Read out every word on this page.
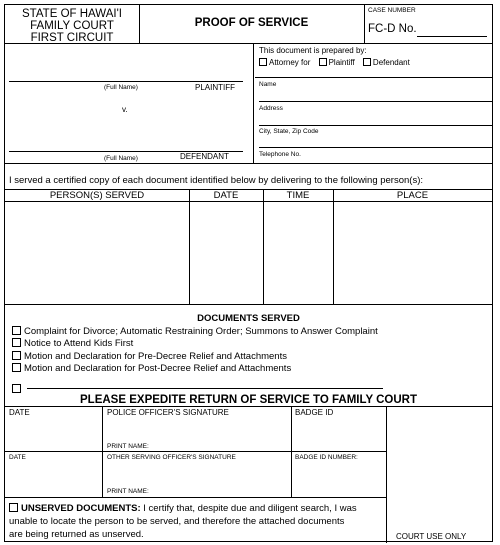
STATE OF HAWAI'I
FAMILY COURT
FIRST CIRCUIT
PROOF OF SERVICE
CASE NUMBER
FC-D No.
(Full Name)	PLAINTIFF
v.
(Full Name)	DEFENDANT
This document is prepared by:
Attorney for Plaintiff Defendant
Name
Address
City, State, Zip Code
Telephone No.
I served a certified copy of each document identified below by delivering to the following person(s):
PERSON(S) SERVED	DATE	TIME	PLACE
DOCUMENTS SERVED
Complaint for Divorce; Automatic Restraining Order; Summons to Answer Complaint
Notice to Attend Kids First
Motion and Declaration for Pre-Decree Relief and Attachments
Motion and Declaration for Post-Decree Relief and Attachments
PLEASE EXPEDITE RETURN OF SERVICE TO FAMILY COURT
DATE	POLICE OFFICER'S SIGNATURE	BADGE ID
PRINT NAME:
DATE	OTHER SERVING OFFICER'S SIGNATURE	BADGE ID NUMBER:
PRINT NAME:
UNSERVED DOCUMENTS: I certify that, despite due and diligent search, I was
unable to locate the person to be served, and therefore the attached documents
are being returned as unserved.	COURT USE ONLY
